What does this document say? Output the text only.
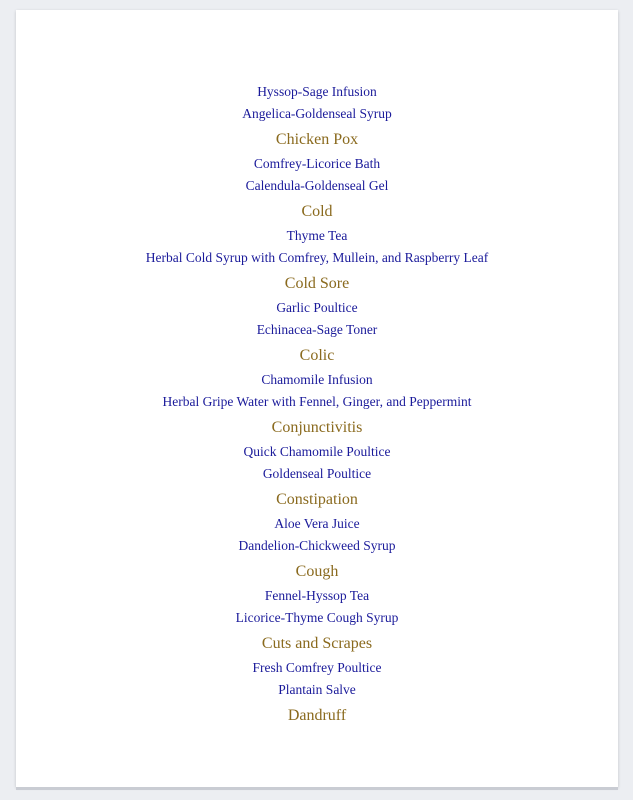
Hyssop-Sage Infusion
Angelica-Goldenseal Syrup
Chicken Pox
Comfrey-Licorice Bath
Calendula-Goldenseal Gel
Cold
Thyme Tea
Herbal Cold Syrup with Comfrey, Mullein, and Raspberry Leaf
Cold Sore
Garlic Poultice
Echinacea-Sage Toner
Colic
Chamomile Infusion
Herbal Gripe Water with Fennel, Ginger, and Peppermint
Conjunctivitis
Quick Chamomile Poultice
Goldenseal Poultice
Constipation
Aloe Vera Juice
Dandelion-Chickweed Syrup
Cough
Fennel-Hyssop Tea
Licorice-Thyme Cough Syrup
Cuts and Scrapes
Fresh Comfrey Poultice
Plantain Salve
Dandruff
